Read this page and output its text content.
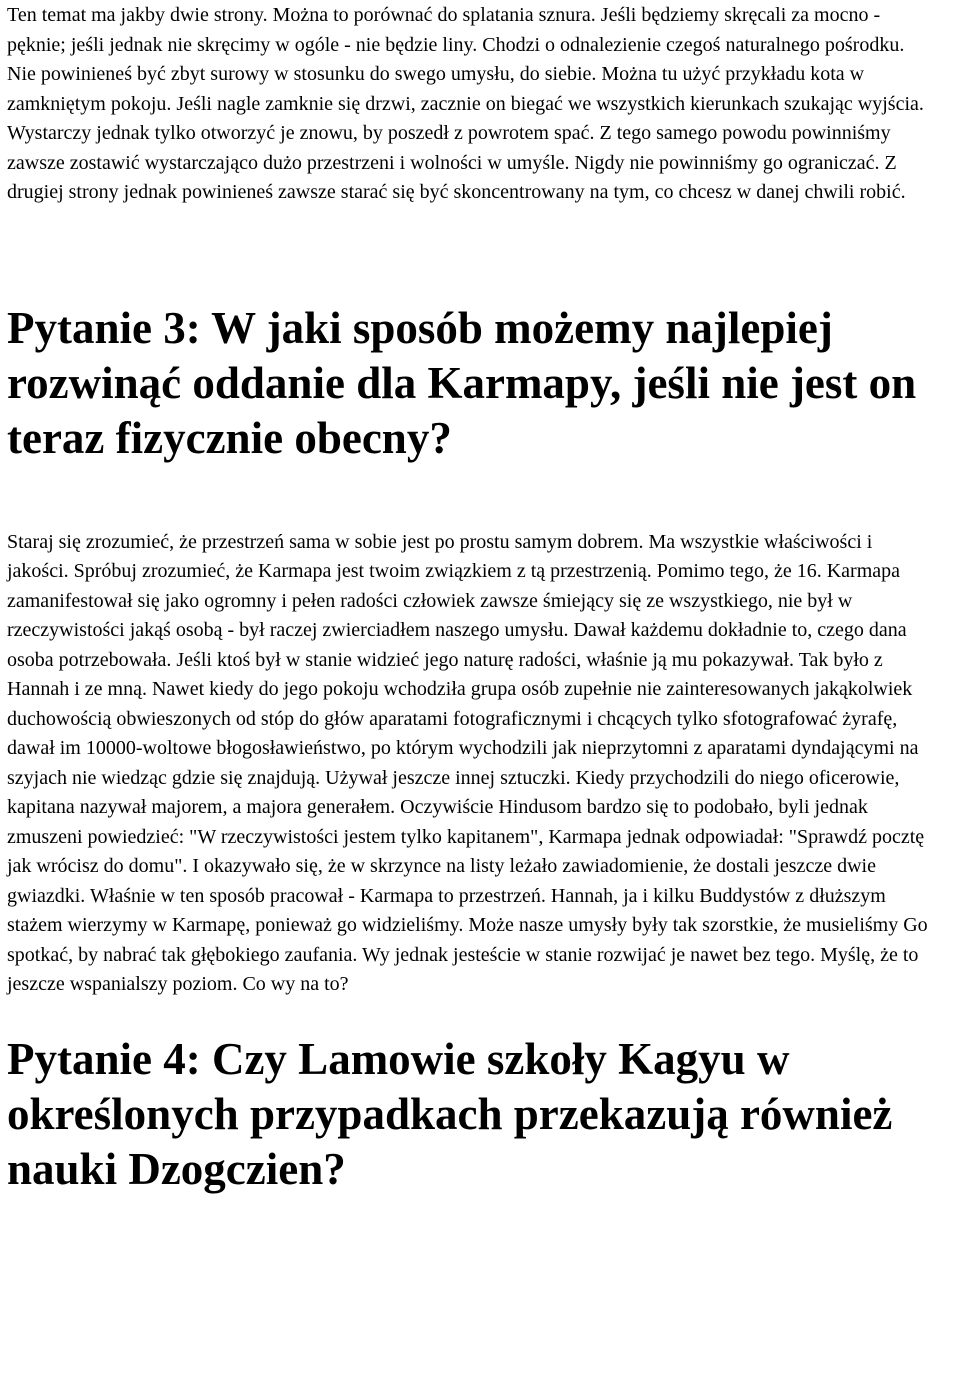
Ten temat ma jakby dwie strony. Można to porównać do splatania sznura. Jeśli będziemy skręcali za mocno - pęknie; jeśli jednak nie skręcimy w ogóle - nie będzie liny. Chodzi o odnalezienie czegoś naturalnego pośrodku. Nie powinieneś być zbyt surowy w stosunku do swego umysłu, do siebie. Można tu użyć przykładu kota w zamkniętym pokoju. Jeśli nagle zamknie się drzwi, zacznie on biegać we wszystkich kierunkach szukając wyjścia. Wystarczy jednak tylko otworzyć je znowu, by poszedł z powrotem spać. Z tego samego powodu powinniśmy zawsze zostawić wystarczająco dużo przestrzeni i wolności w umyśle. Nigdy nie powinniśmy go ograniczać. Z drugiej strony jednak powinieneś zawsze starać się być skoncentrowany na tym, co chcesz w danej chwili robić.

Pytanie 3: W jaki sposób możemy najlepiej rozwinąć oddanie dla Karmapy, jeśli nie jest on teraz fizycznie obecny?

Staraj się zrozumieć, że przestrzeń sama w sobie jest po prostu samym dobrem. Ma wszystkie właściwości i jakości. Spróbuj zrozumieć, że Karmapa jest twoim związkiem z tą przestrzenią. Pomimo tego, że 16. Karmapa zamanifestował się jako ogromny i pełen radości człowiek zawsze śmiejący się ze wszystkiego, nie był w rzeczywistości jakąś osobą - był raczej zwierciadłem naszego umysłu. Dawał każdemu dokładnie to, czego dana osoba potrzebowała. Jeśli ktoś był w stanie widzieć jego naturę radości, właśnie ją mu pokazywał. Tak było z Hannah i ze mną. Nawet kiedy do jego pokoju wchodziła grupa osób zupełnie nie zainteresowanych jakąkolwiek duchowością obwieszonych od stóp do głów aparatami fotograficznymi i chcących tylko sfotografować żyrafę, dawał im 10000-woltowe błogosławieństwo, po którym wychodzili jak nieprzytomni z aparatami dyndającymi na szyjach nie wiedząc gdzie się znajdują. Używał jeszcze innej sztuczki. Kiedy przychodzili do niego oficerowie, kapitana nazywał majorem, a majora generałem. Oczywiście Hindusom bardzo się to podobało, byli jednak zmuszeni powiedzieć: "W rzeczywistości jestem tylko kapitanem", Karmapa jednak odpowiadał: "Sprawdź pocztę jak wrócisz do domu". I okazywało się, że w skrzynce na listy leżało zawiadomienie, że dostali jeszcze dwie gwiazdki. Właśnie w ten sposób pracował - Karmapa to przestrzeń. Hannah, ja i kilku Buddystów z dłuższym stażem wierzymy w Karmapę, ponieważ go widzieliśmy. Może nasze umysły były tak szorstkie, że musieliśmy Go spotkać, by nabrać tak głębokiego zaufania. Wy jednak jesteście w stanie rozwijać je nawet bez tego. Myślę, że to jeszcze wspanialszy poziom. Co wy na to?

Pytanie 4: Czy Lamowie szkoły Kagyu w określonych przypadkach przekazują również nauki Dzogczien?
